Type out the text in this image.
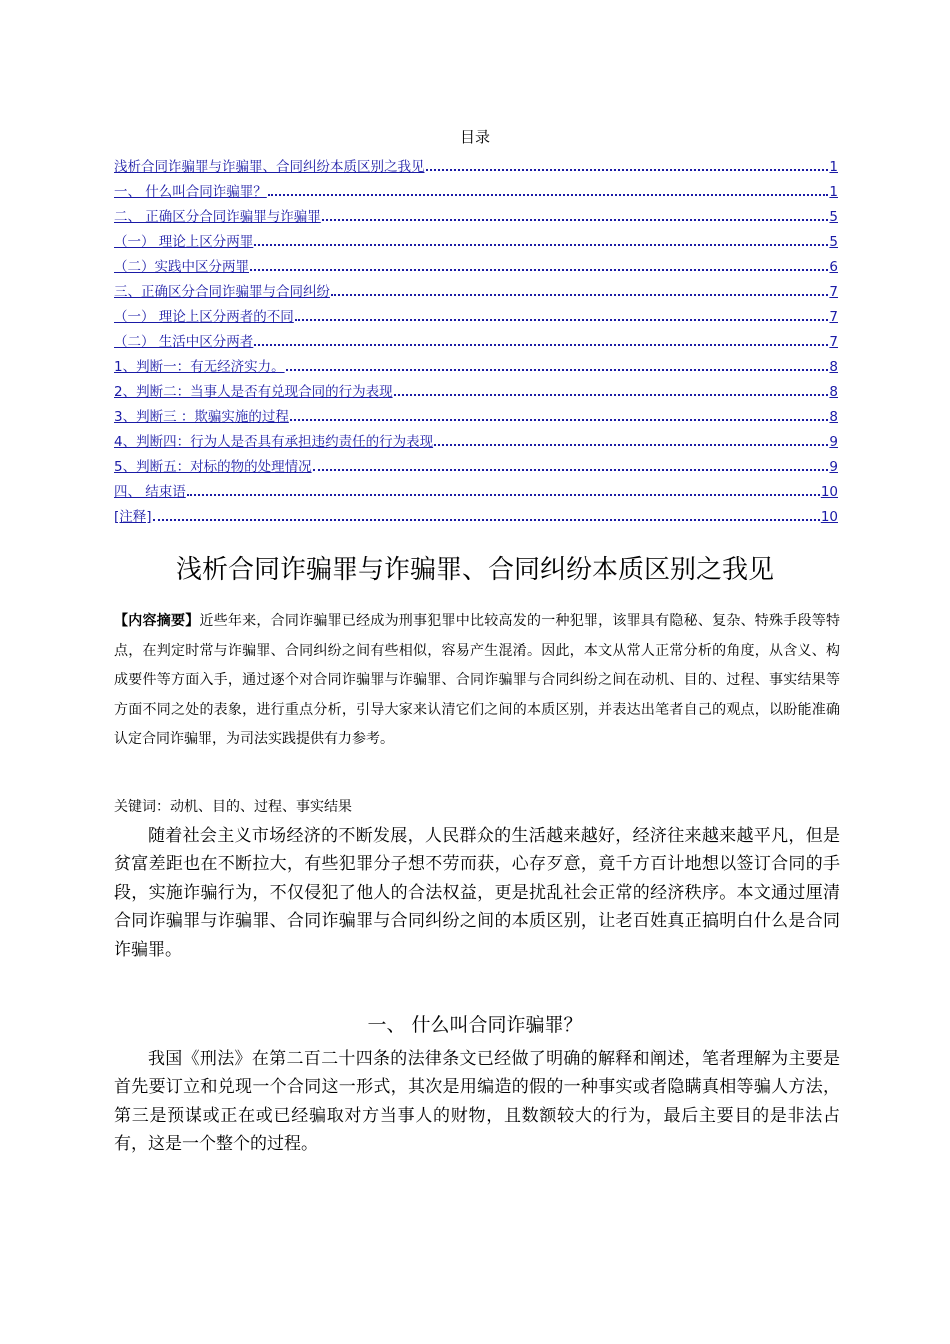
目录
浅析合同诈骗罪与诈骗罪、合同纠纷本质区别之我见	1
一、 什么叫合同诈骗罪？	1
二、 正确区分合同诈骗罪与诈骗罪	5
（一） 理论上区分两罪	5
（二）实践中区分两罪	6
三、正确区分合同诈骗罪与合同纠纷	7
（一） 理论上区分两者的不同	7
（二） 生活中区分两者	7
1、判断一：有无经济实力。	8
2、判断二：当事人是否有兑现合同的行为表现	8
3、判断三 ：欺骗实施的过程	8
4、判断四：行为人是否具有承担违约责任的行为表现	9
5、判断五：对标的物的处理情况	9
四、 结束语	10
[注释]	10
浅析合同诈骗罪与诈骗罪、合同纠纷本质区别之我见
【内容摘要】近些年来，合同诈骗罪已经成为刑事犯罪中比较高发的一种犯罪，该罪具有隐秘、复杂、特殊手段等特点，在判定时常与诈骗罪、合同纠纷之间有些相似，容易产生混淆。因此，本文从常人正常分析的角度，从含义、构成要件等方面入手，通过逐个对合同诈骗罪与诈骗罪、合同诈骗罪与合同纠纷之间在动机、目的、过程、事实结果等方面不同之处的表象，进行重点分析，引导大家来认清它们之间的本质区别，并表达出笔者自己的观点，以盼能准确认定合同诈骗罪，为司法实践提供有力参考。
关键词：动机、目的、过程、事实结果
随着社会主义市场经济的不断发展，人民群众的生活越来越好，经济往来越来越平凡，但是贫富差距也在不断拉大，有些犯罪分子想不劳而获，心存歹意，竟千方百计地想以签订合同的手段，实施诈骗行为，不仅侵犯了他人的合法权益，更是扰乱社会正常的经济秩序。本文通过厘清合同诈骗罪与诈骗罪、合同诈骗罪与合同纠纷之间的本质区别，让老百姓真正搞明白什么是合同诈骗罪。
一、 什么叫合同诈骗罪？
我国《刑法》在第二百二十四条的法律条文已经做了明确的解释和阐述，笔者理解为主要是首先要订立和兑现一个合同这一形式，其次是用编造的假的一种事实或者隐瞒真相等骗人方法，第三是预谋或正在或已经骗取对方当事人的财物，且数额较大的行为，最后主要目的是非法占有，这是一个整个的过程。
